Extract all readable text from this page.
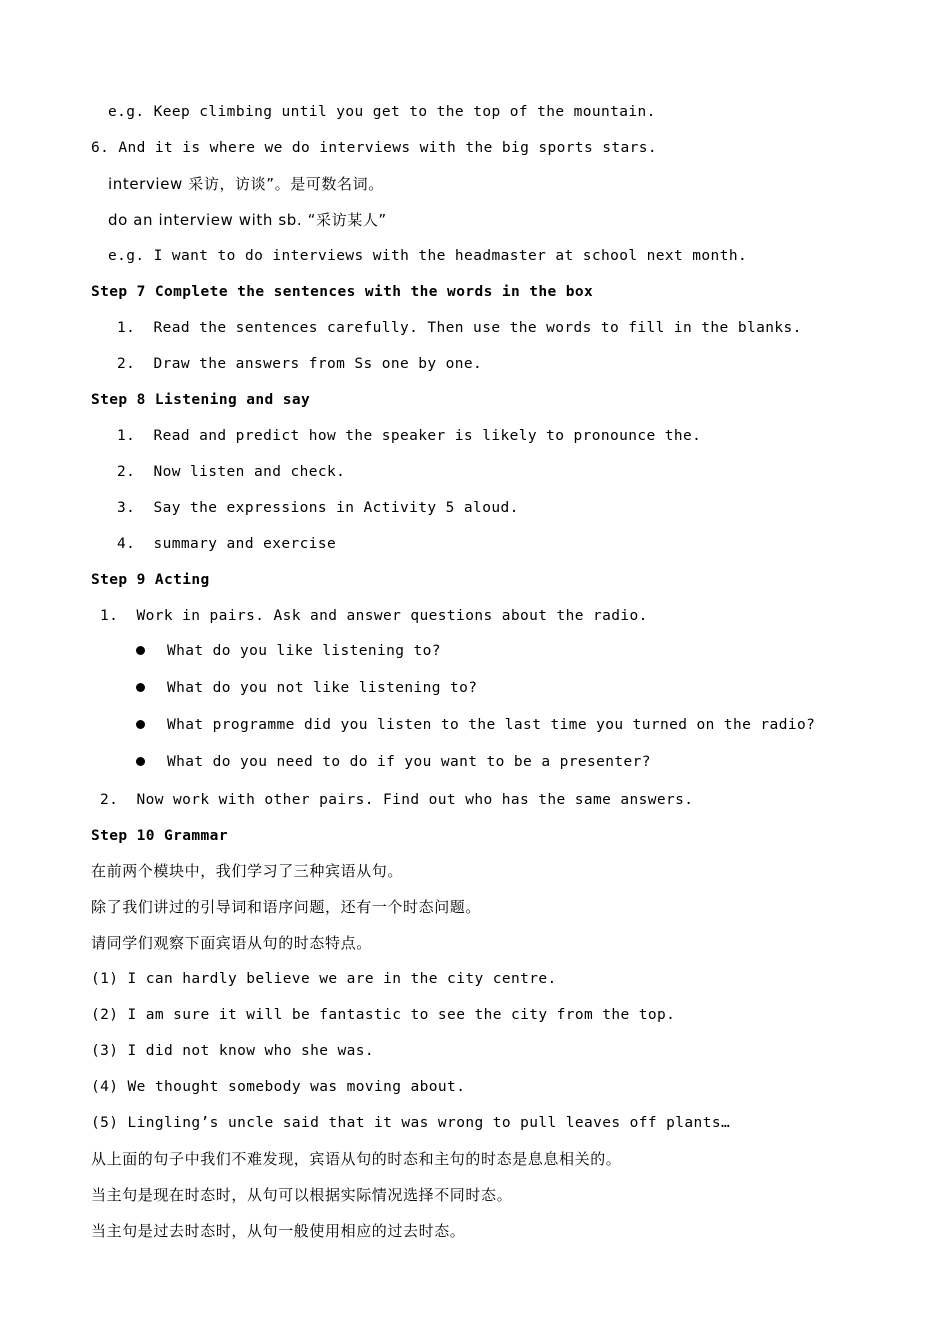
e.g. Keep climbing until you get to the top of the mountain.
6. And it is where we do interviews with the big sports stars.
interview 采访，访谈”。是可数名词。
do an interview with sb. “采访某人”
e.g. I want to do interviews with the headmaster at school next month.
Step 7 Complete the sentences with the words in the box
1.  Read the sentences carefully. Then use the words to fill in the blanks.
2.  Draw the answers from Ss one by one.
Step 8 Listening and say
1.  Read and predict how the speaker is likely to pronounce the.
2.  Now listen and check.
3.  Say the expressions in Activity 5 aloud.
4.  summary and exercise
Step 9 Acting
1.  Work in pairs. Ask and answer questions about the radio.
What do you like listening to?
What do you not like listening to?
What programme did you listen to the last time you turned on the radio?
What do you need to do if you want to be a presenter?
2.  Now work with other pairs. Find out who has the same answers.
Step 10 Grammar
在前两个模块中，我们学习了三种宾语从句。
除了我们讲过的引导词和语序问题，还有一个时态问题。
请同学们观察下面宾语从句的时态特点。
(1) I can hardly believe we are in the city centre.
(2) I am sure it will be fantastic to see the city from the top.
(3) I did not know who she was.
(4) We thought somebody was moving about.
(5) Lingling’s uncle said that it was wrong to pull leaves off plants…
从上面的句子中我们不难发现，宾语从句的时态和主句的时态是息息相关的。
当主句是现在时态时，从句可以根据实际情况选择不同时态。
当主句是过去时态时，从句一般使用相应的过去时态。
